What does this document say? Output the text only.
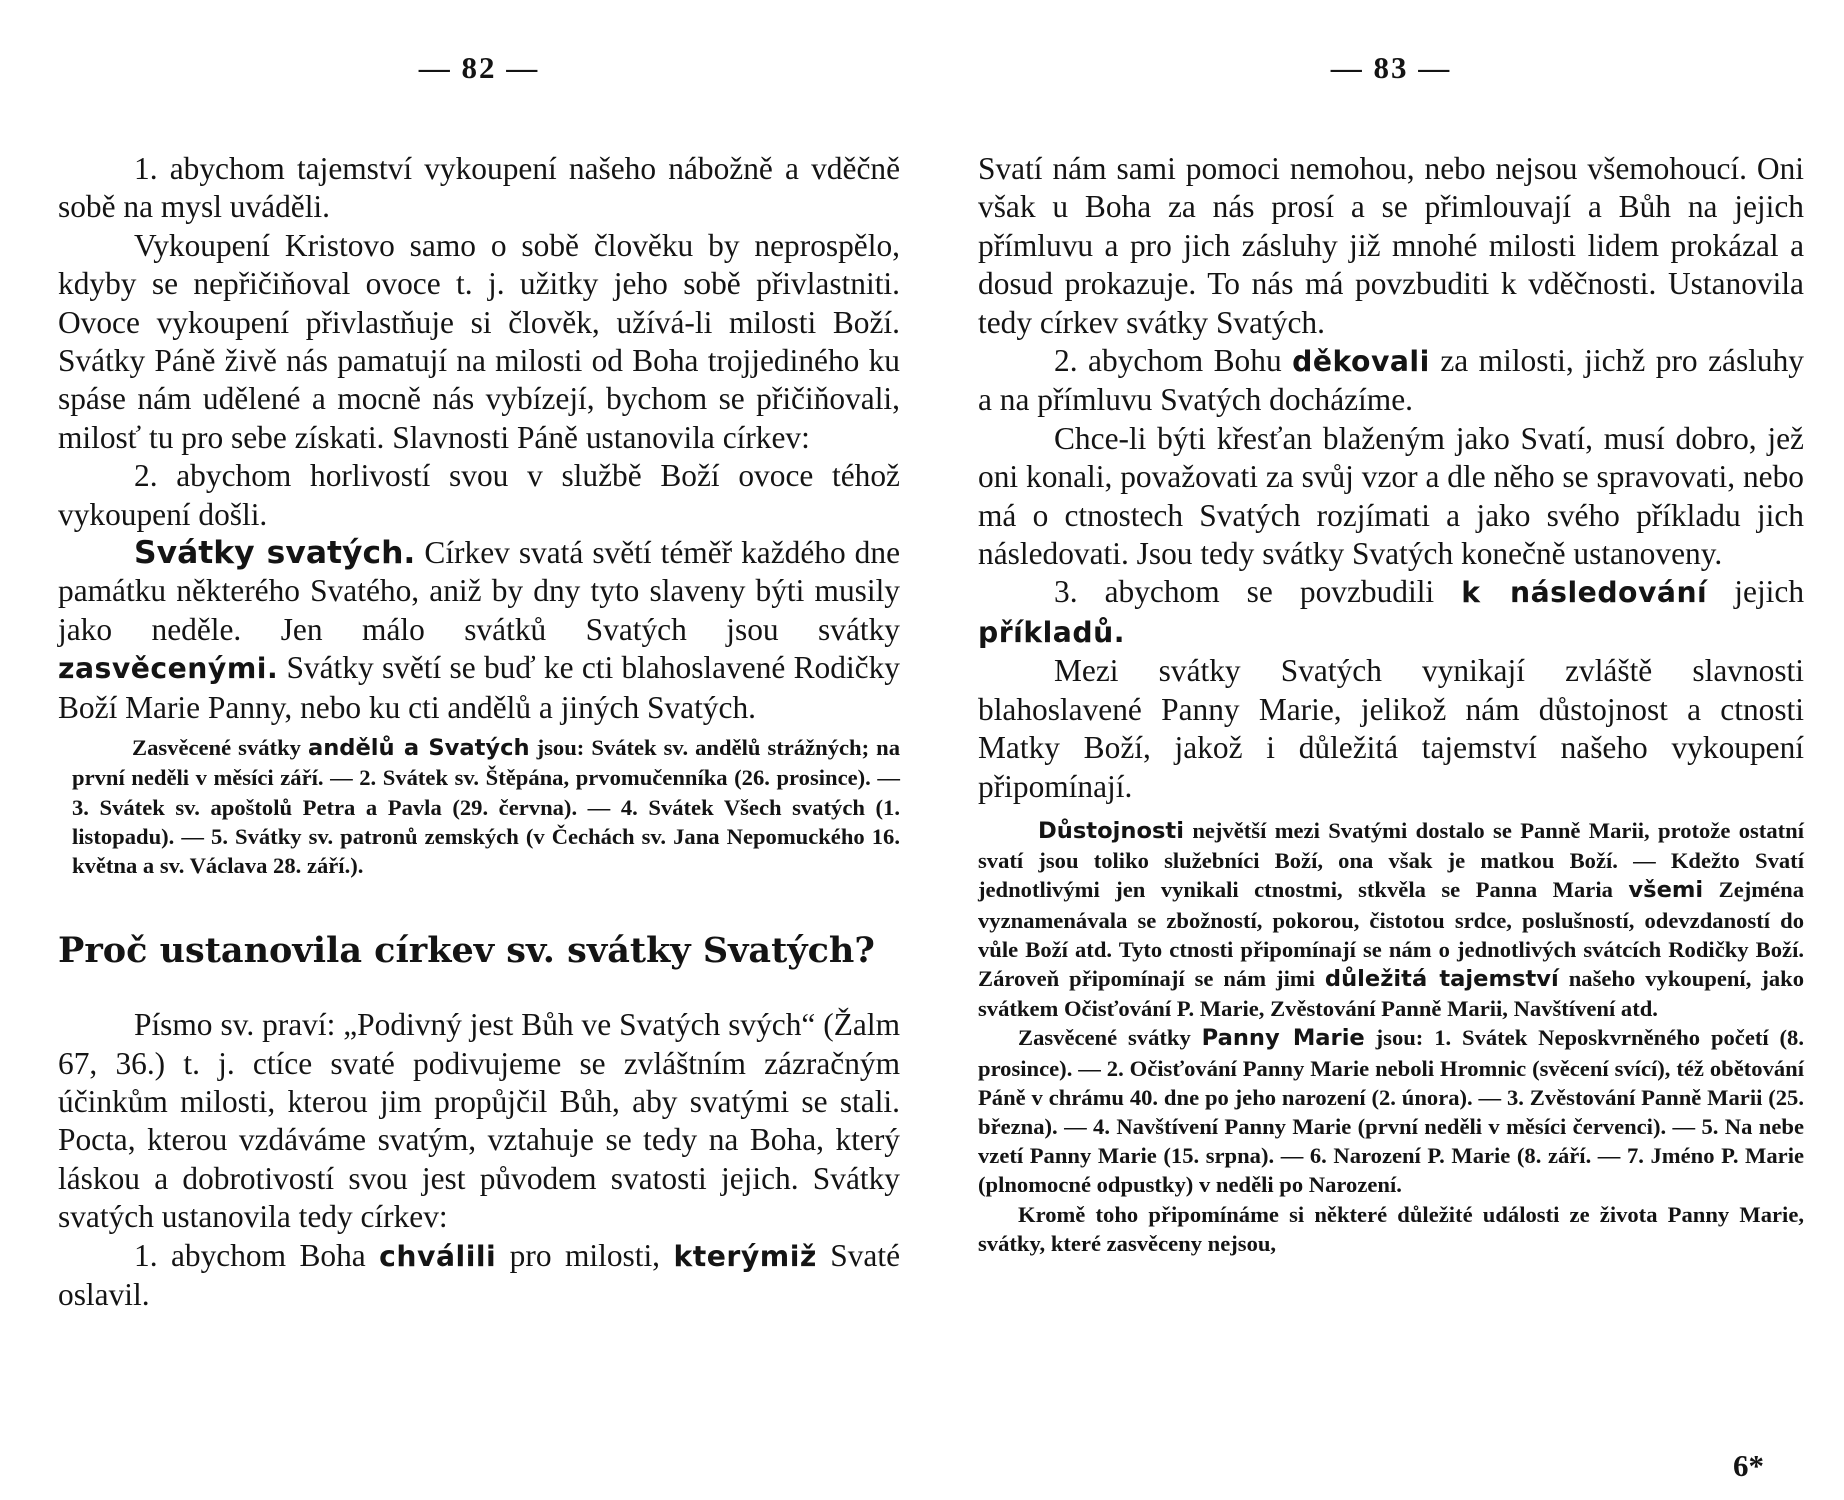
— 82 —

1. abychom tajemství vykoupení našeho nábožně a vděčně sobě na mysl uváděli.

Vykoupení Kristovo samo o sobě člověku by neprospělo, kdyby se nepřičiňoval ovoce t. j. užitky jeho sobě přivlastniti. Ovoce vykoupení přivlastňuje si člověk, užívá-li milosti Boží. Svátky Páně živě nás pamatují na milosti od Boha trojjediného ku spáse nám udělené a mocně nás vybízejí, bychom se přičiňovali, milosť tu pro sebe získati. Slavnosti Páně ustanovila církev:

2. abychom horlivostí svou v službě Boží ovoce téhož vykoupení došli.

Svátky svatých. Církev svatá světí téměř každého dne památku některého Svatého, aniž by dny tyto slaveny býti musily jako neděle. Jen málo svátků Svatých jsou svátky zasvěcenými. Svátky světí se buď ke cti blahoslavené Rodičky Boží Marie Panny, nebo ku cti andělů a jiných Svatých.

Zasvěcené svátky andělů a Svatých jsou: Svátek sv. andělů strážných; na první neděli v měsíci září. — 2. Svátek sv. Štěpána, prvomučenníka (26. prosince). — 3. Svátek sv. apoštolů Petra a Pavla (29. června). — 4. Svátek Všech svatých (1. listopadu). — 5. Svátky sv. patronů zemských (v Čechách sv. Jana Nepomuckého 16. května a sv. Václava 28. září.).

Proč ustanovila církev sv. svátky Svatých?

Písmo sv. praví: „Podivný jest Bůh ve Svatých svých“ (Žalm 67, 36.) t. j. ctíce svaté podivujeme se zvláštním zázračným účinkům milosti, kterou jim propůjčil Bůh, aby svatými se stali. Pocta, kterou vzdáváme svatým, vztahuje se tedy na Boha, který láskou a dobrotivostí svou jest původem svatosti jejich. Svátky svatých ustanovila tedy církev:

1. abychom Boha chválili pro milosti, kterýmiž Svaté oslavil.

— 83 —

Svatí nám sami pomoci nemohou, nebo nejsou všemohoucí. Oni však u Boha za nás prosí a se přimlouvají a Bůh na jejich přímluvu a pro jich zásluhy již mnohé milosti lidem prokázal a dosud prokazuje. To nás má povzbuditi k vděčnosti. Ustanovila tedy církev svátky Svatých.

2. abychom Bohu děkovali za milosti, jichž pro zásluhy a na přímluvu Svatých docházíme.

Chce-li býti křesťan blaženým jako Svatí, musí dobro, jež oni konali, považovati za svůj vzor a dle něho se spravovati, nebo má o ctnostech Svatých rozjímati a jako svého příkladu jich následovati. Jsou tedy svátky Svatých konečně ustanoveny.

3. abychom se povzbudili k následování jejich příkladů.

Mezi svátky Svatých vynikají zvláště slavnosti blahoslavené Panny Marie, jelikož nám důstojnost a ctnosti Matky Boží, jakož i důležitá tajemství našeho vykoupení připomínají.

Důstojnosti největší mezi Svatými dostalo se Panně Marii, protože ostatní svatí jsou toliko služebníci Boží, ona však je matkou Boží. — Kdežto Svatí jednotlivými jen vynikali ctnostmi, stkvěla se Panna Maria všemi Zejména vyznamenávala se zbožností, pokorou, čistotou srdce, poslušností, odevzdaností do vůle Boží atd. Tyto ctnosti připomínají se nám o jednotlivých svátcích Rodičky Boží. Zároveň připomínají se nám jimi důležitá tajemství našeho vykoupení, jako svátkem Očisťování P. Marie, Zvěstování Panně Marii, Navštívení atd.

Zasvěcené svátky Panny Marie jsou: 1. Svátek Neposkvrněného početí (8. prosince). — 2. Očisťování Panny Marie neboli Hromnic (svěcení svící), též obětování Páně v chrámu 40. dne po jeho narození (2. února). — 3. Zvěstování Panně Marii (25. března). — 4. Navštívení Panny Marie (první neděli v měsíci červenci). — 5. Na nebe vzetí Panny Marie (15. srpna). — 6. Narození P. Marie (8. září. — 7. Jméno P. Marie (plnomocné odpustky) v neděli po Narození.

Kromě toho připomínáme si některé důležité události ze života Panny Marie, svátky, které zasvěceny nejsou,

6*
